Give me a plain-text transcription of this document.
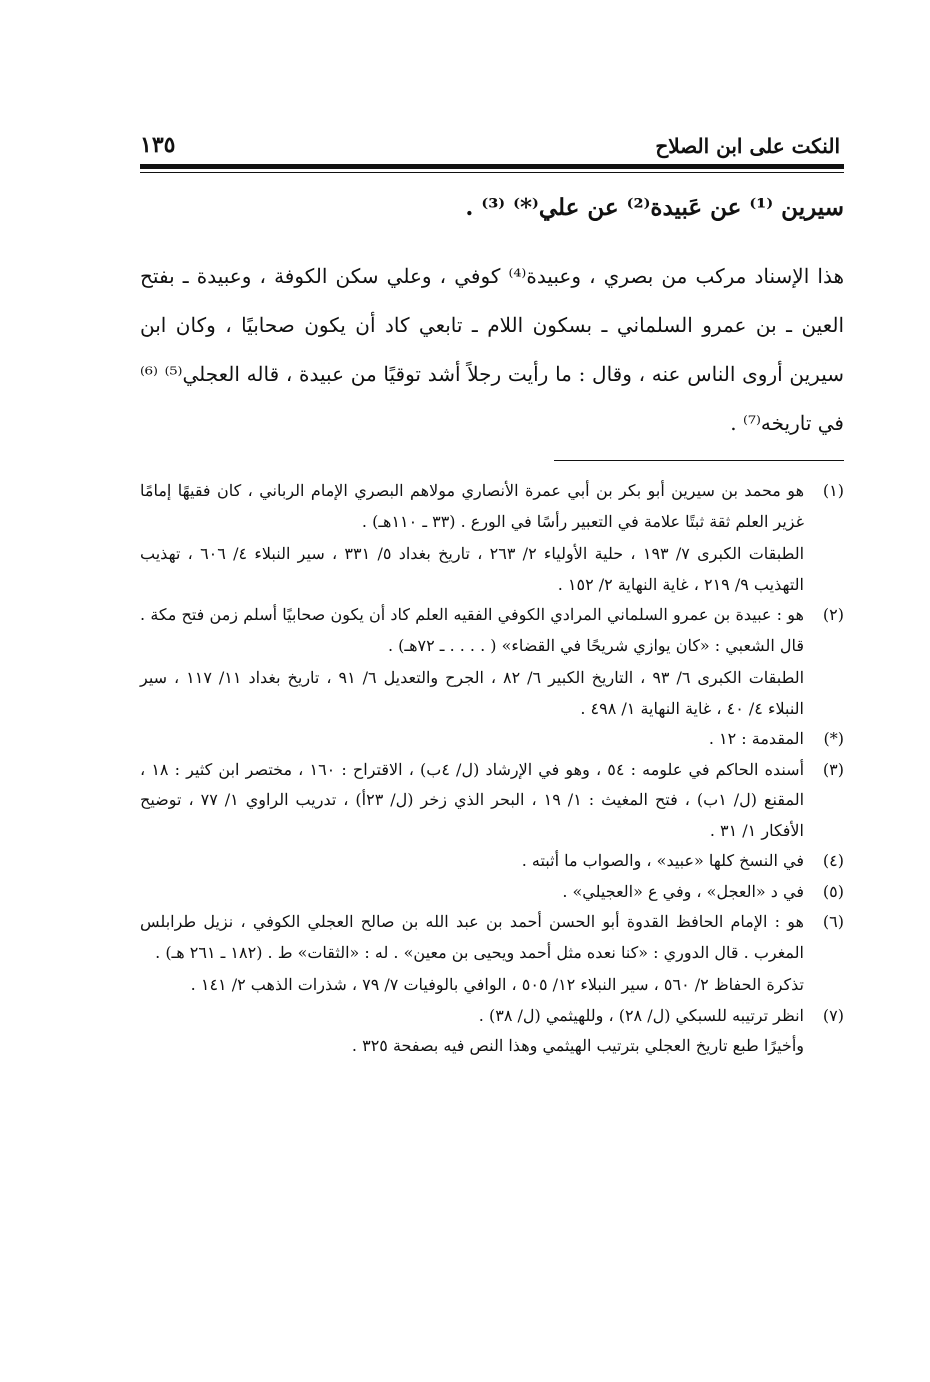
النكت على ابن الصلاح
١٣٥
سيرين ⁽¹⁾ عن عَبيدة⁽²⁾ عن علي⁽*⁾ ⁽³⁾ .

هذا الإسناد مركب من بصري ، وعبيدة⁽⁴⁾ كوفي ، وعلي سكن الكوفة ، وعبيدة ـ بفتح العين ـ بن عمرو السلماني ـ بسكون اللام ـ تابعي كاد أن يكون صحابيًا ، وكان ابن سيرين أروى الناس عنه ، وقال : ما رأيت رجلاً أشد توقيًا من عبيدة ، قاله العجلي⁽⁵⁾ ⁽⁶⁾ في تاريخه⁽⁷⁾ .

(١)

هو محمد بن سيرين أبو بكر بن أبي عمرة الأنصاري مولاهم البصري الإمام الرباني ، كان فقيهًا إمامًا غزير العلم ثقة ثبتًا علامة في التعبير رأسًا في الورع . (٣٣ ـ ١١٠هـ) .

الطبقات الكبرى ٧/ ١٩٣ ، حلية الأولياء ٢/ ٢٦٣ ، تاريخ بغداد ٥/ ٣٣١ ، سير النبلاء ٤/ ٦٠٦ ، تهذيب التهذيب ٩/ ٢١٩ ، غاية النهاية ٢/ ١٥٢ .

(٢)

هو : عبيدة بن عمرو السلماني المرادي الكوفي الفقيه العلم كاد أن يكون صحابيًا أسلم زمن فتح مكة . قال الشعبي : «كان يوازي شريحًا في القضاء» ( . . . . ـ ٧٢هـ) .

الطبقات الكبرى ٦/ ٩٣ ، التاريخ الكبير ٦/ ٨٢ ، الجرح والتعديل ٦/ ٩١ ، تاريخ بغداد ١١/ ١١٧ ، سير النبلاء ٤/ ٤٠ ، غاية النهاية ١/ ٤٩٨ .

(*)

المقدمة : ١٢ .

(٣)

أسنده الحاكم في علومه : ٥٤ ، وهو في الإرشاد (ل/ ٤ب) ، الاقتراح : ١٦٠ ، مختصر ابن كثير : ١٨ ، المقنع (ل/ ١ب) ، فتح المغيث : ١/ ١٩ ، البحر الذي زخر (ل/ ٢٣أ) ، تدريب الراوي ١/ ٧٧ ، توضيح الأفكار ١/ ٣١ .

(٤)

في النسخ كلها «عبيد» ، والصواب ما أثبته .

(٥)

في د «العجل» ، وفي ع «العجيلي» .

(٦)

هو : الإمام الحافظ القدوة أبو الحسن أحمد بن عبد الله بن صالح العجلي الكوفي ، نزيل طرابلس المغرب . قال الدوري : «كنا نعده مثل أحمد ويحيى بن معين» . له : «الثقات» ط . (١٨٢ ـ ٢٦١ هـ) .

تذكرة الحفاظ ٢/ ٥٦٠ ، سير النبلاء ١٢/ ٥٠٥ ، الوافي بالوفيات ٧/ ٧٩ ، شذرات الذهب ٢/ ١٤١ .

(٧)

انظر ترتيبه للسبكي (ل/ ٢٨) ، وللهيثمي (ل/ ٣٨) .

وأخيرًا طبع تاريخ العجلي بترتيب الهيثمي وهذا النص فيه بصفحة ٣٢٥ .
